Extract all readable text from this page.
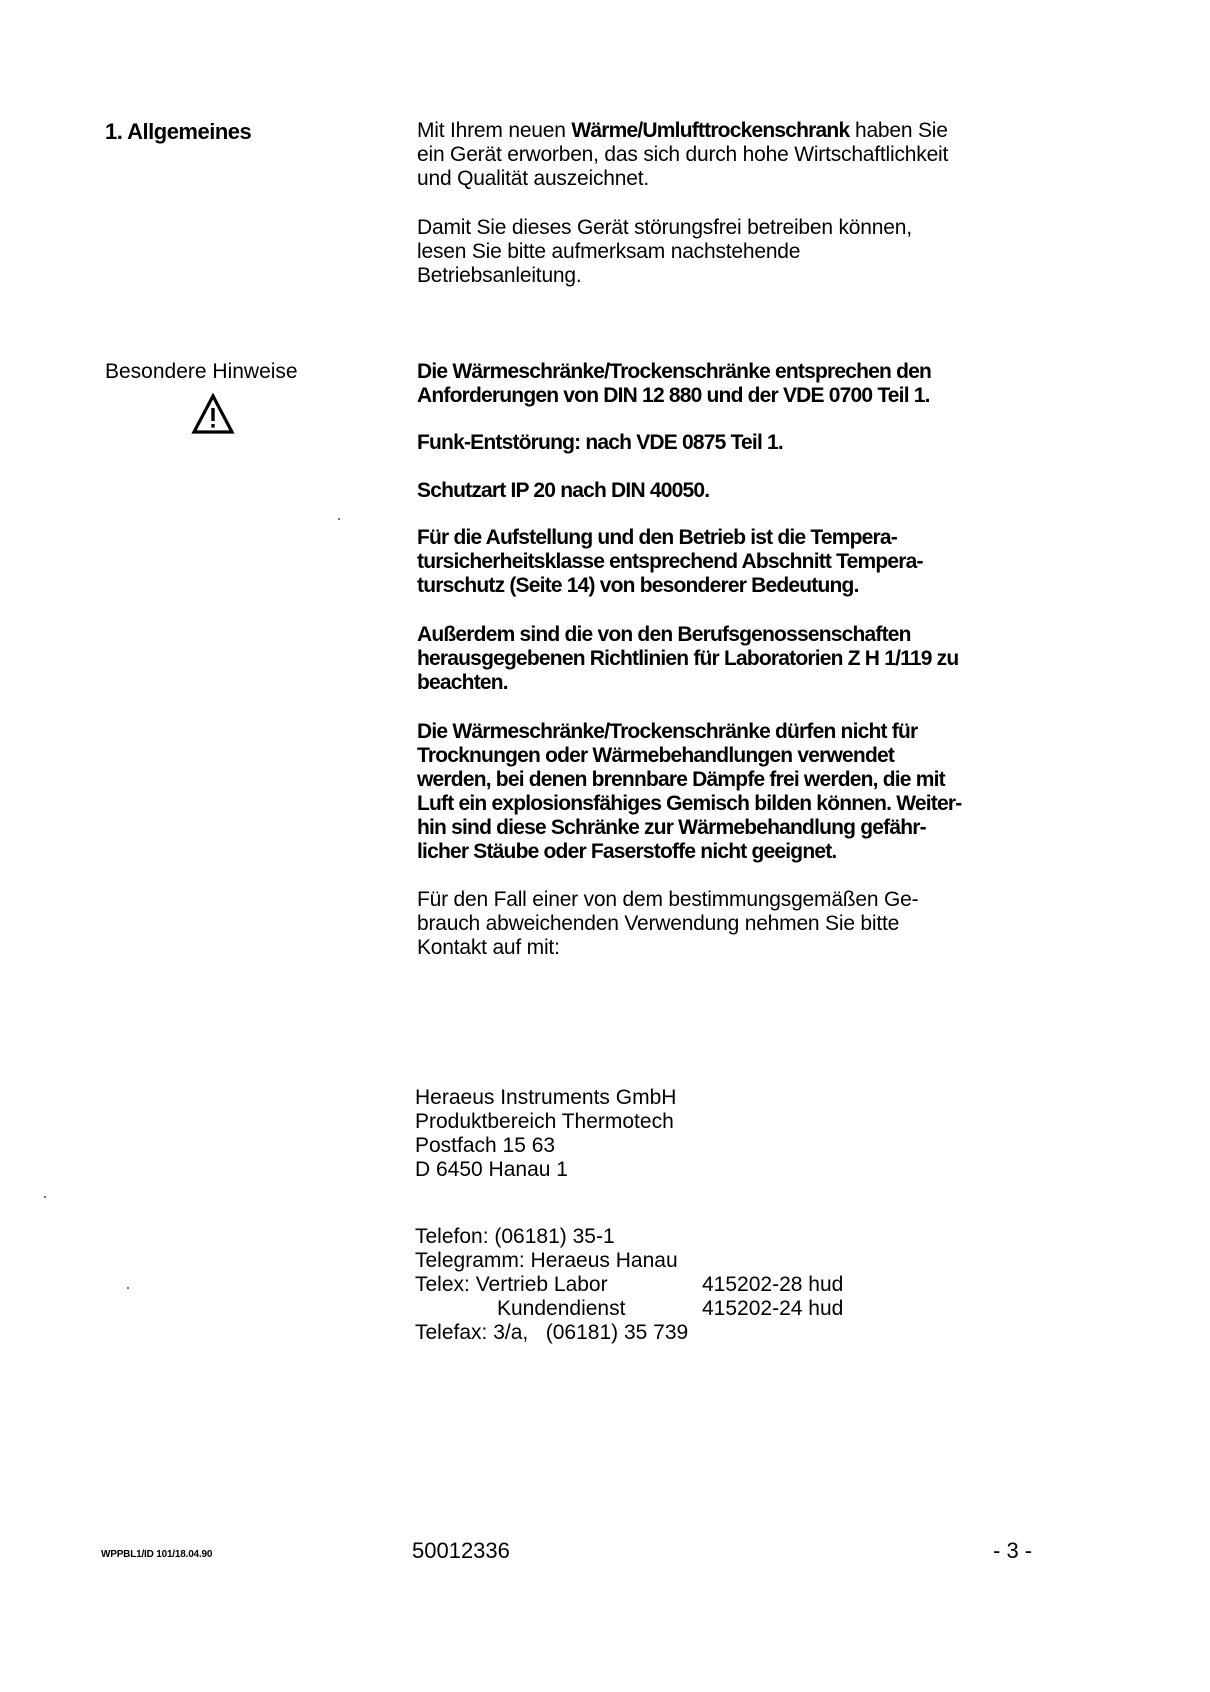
1. Allgemeines
Besondere Hinweise
Mit Ihrem neuen Wärme/Umlufttrockenschrank haben Sie
ein Gerät erworben, das sich durch hohe Wirtschaftlichkeit
und Qualität auszeichnet.
Damit Sie dieses Gerät störungsfrei betreiben können,
lesen Sie bitte aufmerksam nachstehende
Betriebsanleitung.
Die Wärmeschränke/Trockenschränke entsprechen den
Anforderungen von DIN 12 880 und der VDE 0700 Teil 1.
Funk-Entstörung: nach VDE 0875 Teil 1.
Schutzart IP 20 nach DIN 40050.
Für die Aufstellung und den Betrieb ist die Tempera-
tursicherheitsklasse entsprechend Abschnitt Tempera-
turschutz (Seite 14) von besonderer Bedeutung.
Außerdem sind die von den Berufsgenossenschaften
herausgegebenen Richtlinien für Laboratorien Z H 1/119 zu
beachten.
Die Wärmeschränke/Trockenschränke dürfen nicht für
Trocknungen oder Wärmebehandlungen verwendet
werden, bei denen brennbare Dämpfe frei werden, die mit
Luft ein explosionsfähiges Gemisch bilden können. Weiter-
hin sind diese Schränke zur Wärmebehandlung gefähr-
licher Stäube oder Faserstoffe nicht geeignet.
Für den Fall einer von dem bestimmungsgemäßen Ge-
brauch abweichenden Verwendung nehmen Sie bitte
Kontakt auf mit:
Heraeus Instruments GmbH
Produktbereich Thermotech
Postfach 15 63
D 6450 Hanau 1
Telefon: (06181) 35-1
Telegramm: Heraeus Hanau
Telex: Vertrieb Labor	415202-28 hud
Kundendienst	415202-24 hud
Telefax: 3/a,   (06181) 35 739
WPPBL1/ID 101/18.04.90	50012336	- 3 -
